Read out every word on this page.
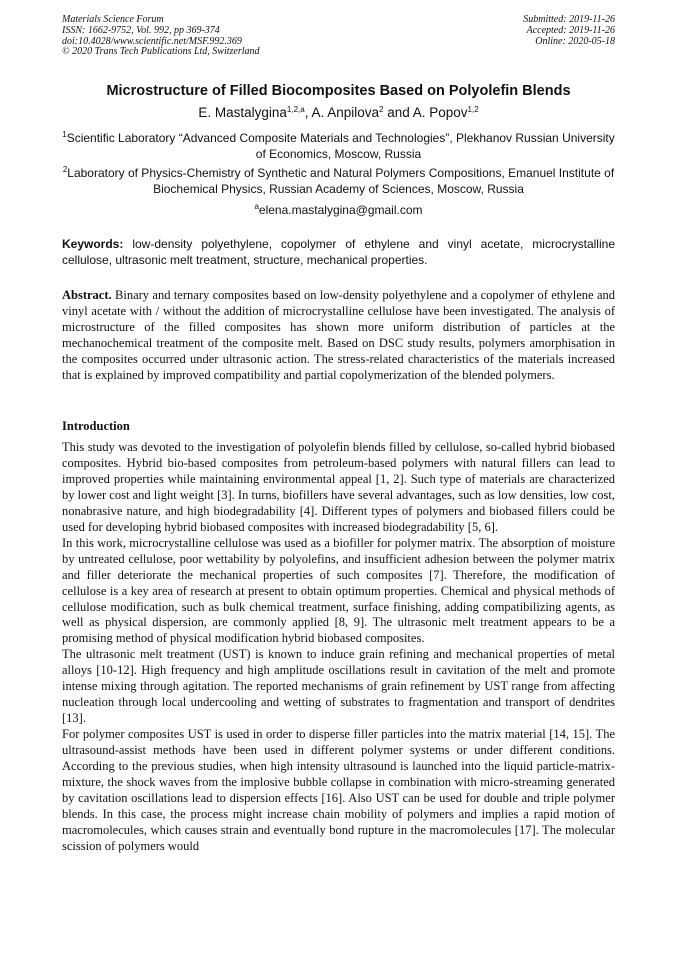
Materials Science Forum
ISSN: 1662-9752, Vol. 992, pp 369-374
doi:10.4028/www.scientific.net/MSF.992.369
© 2020 Trans Tech Publications Ltd, Switzerland
Submitted: 2019-11-26
Accepted: 2019-11-26
Online: 2020-05-18
Microstructure of Filled Biocomposites Based on Polyolefin Blends
E. Mastalygina$^{1,2,a}$, A. Anpilova$^2$ and A. Popov$^{1,2}$
$^1$Scientific Laboratory “Advanced Composite Materials and Technologies”, Plekhanov Russian University of Economics, Moscow, Russia
$^2$Laboratory of Physics-Chemistry of Synthetic and Natural Polymers Compositions, Emanuel Institute of Biochemical Physics, Russian Academy of Sciences, Moscow, Russia
$^a$elena.mastalygina@gmail.com
Keywords: low-density polyethylene, copolymer of ethylene and vinyl acetate, microcrystalline cellulose, ultrasonic melt treatment, structure, mechanical properties.
Abstract. Binary and ternary composites based on low-density polyethylene and a copolymer of ethylene and vinyl acetate with / without the addition of microcrystalline cellulose have been investigated. The analysis of microstructure of the filled composites has shown more uniform distribution of particles at the mechanochemical treatment of the composite melt. Based on DSC study results, polymers amorphisation in the composites occurred under ultrasonic action. The stress-related characteristics of the materials increased that is explained by improved compatibility and partial copolymerization of the blended polymers.
Introduction

This study was devoted to the investigation of polyolefin blends filled by cellulose, so-called hybrid biobased composites. Hybrid bio-based composites from petroleum-based polymers with natural fillers can lead to improved properties while maintaining environmental appeal [1, 2]. Such type of materials are characterized by lower cost and light weight [3]. In turns, biofillers have several advantages, such as low densities, low cost, nonabrasive nature, and high biodegradability [4]. Different types of polymers and biobased fillers could be used for developing hybrid biobased composites with increased biodegradability [5, 6].

In this work, microcrystalline cellulose was used as a biofiller for polymer matrix. The absorption of moisture by untreated cellulose, poor wettability by polyolefins, and insufficient adhesion between the polymer matrix and filler deteriorate the mechanical properties of such composites [7]. Therefore, the modification of cellulose is a key area of research at present to obtain optimum properties. Chemical and physical methods of cellulose modification, such as bulk chemical treatment, surface finishing, adding compatibilizing agents, as well as physical dispersion, are commonly applied [8, 9]. The ultrasonic melt treatment appears to be a promising method of physical modification hybrid biobased composites.

The ultrasonic melt treatment (UST) is known to induce grain refining and mechanical properties of metal alloys [10-12]. High frequency and high amplitude oscillations result in cavitation of the melt and promote intense mixing through agitation. The reported mechanisms of grain refinement by UST range from affecting nucleation through local undercooling and wetting of substrates to fragmentation and transport of dendrites [13].

For polymer composites UST is used in order to disperse filler particles into the matrix material [14, 15]. The ultrasound-assist methods have been used in different polymer systems or under different conditions. According to the previous studies, when high intensity ultrasound is launched into the liquid particle-matrix-mixture, the shock waves from the implosive bubble collapse in combination with micro-streaming generated by cavitation oscillations lead to dispersion effects [16]. Also UST can be used for double and triple polymer blends. In this case, the process might increase chain mobility of polymers and implies a rapid motion of macromolecules, which causes strain and eventually bond rupture in the macromolecules [17]. The molecular scission of polymers would
